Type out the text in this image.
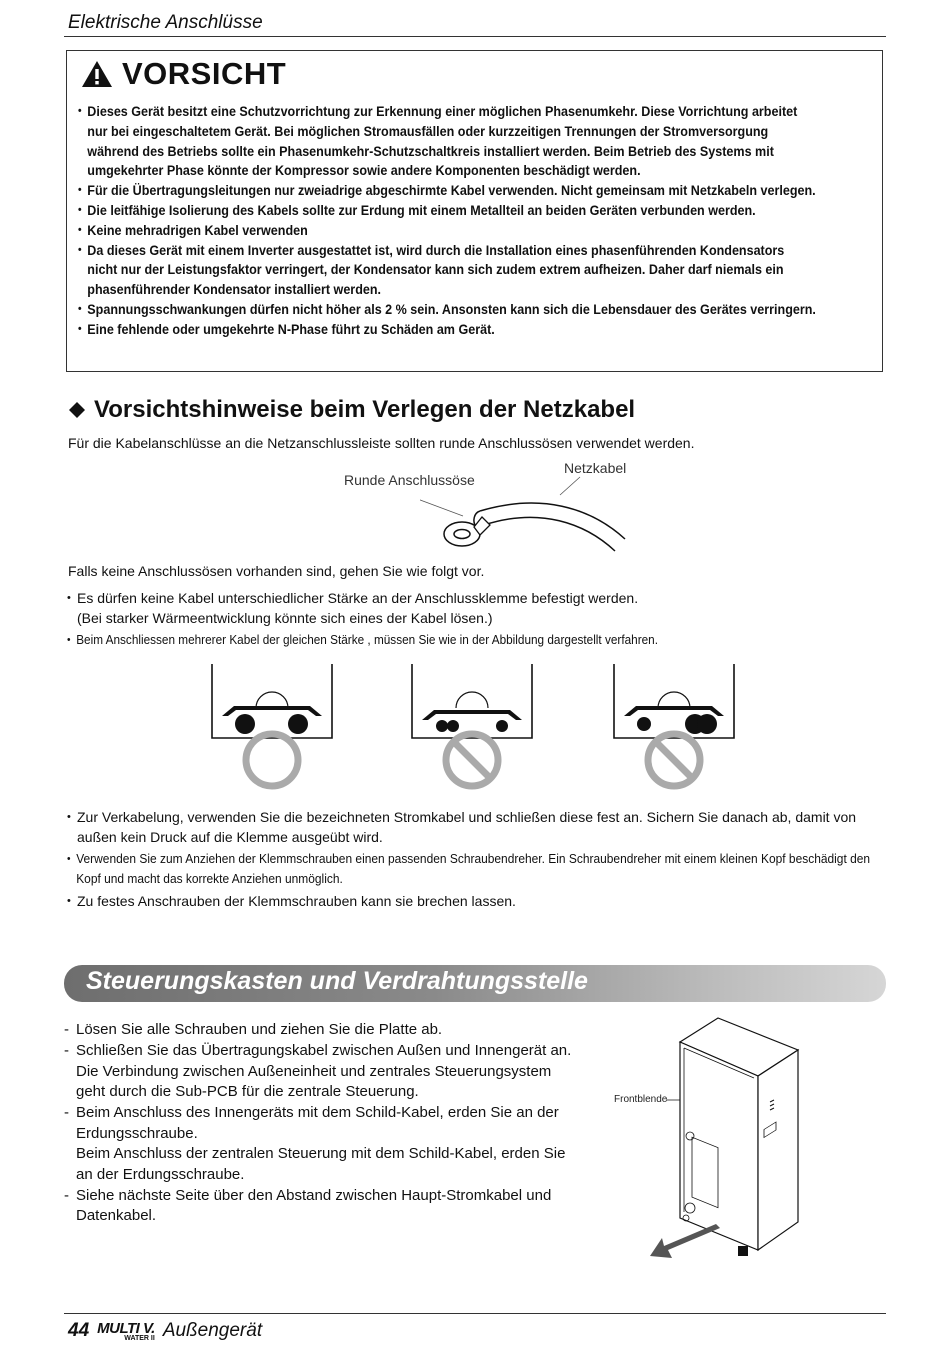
Elektrische Anschlüsse
VORSICHT
• Dieses Gerät besitzt eine Schutzvorrichtung zur Erkennung einer möglichen Phasenumkehr. Diese Vorrichtung arbeitet nur bei eingeschaltetem Gerät. Bei möglichen Stromausfällen oder kurzzeitigen Trennungen der Stromversorgung während des Betriebs sollte ein Phasenumkehr-Schutzschaltkreis installiert werden. Beim Betrieb des Systems mit umgekehrter Phase könnte der Kompressor sowie andere Komponenten beschädigt werden.
• Für die Übertragungsleitungen nur zweiadrige abgeschirmte Kabel verwenden. Nicht gemeinsam mit Netzkabeln verlegen.
• Die leitfähige Isolierung des Kabels sollte zur Erdung mit einem Metallteil an beiden Geräten verbunden werden.
• Keine mehradrigen Kabel verwenden
• Da dieses Gerät mit einem Inverter ausgestattet ist, wird durch die Installation eines phasenführenden Kondensators nicht nur der Leistungsfaktor verringert, der Kondensator kann sich zudem extrem aufheizen. Daher darf niemals ein phasenführender Kondensator installiert werden.
• Spannungsschwankungen dürfen nicht höher als 2 % sein. Ansonsten kann sich die Lebensdauer des Gerätes verringern.
• Eine fehlende oder umgekehrte N-Phase führt zu Schäden am Gerät.
Vorsichtshinweise beim Verlegen der Netzkabel
Für die Kabelanschlüsse an die Netzanschlussleiste sollten runde Anschlussösen verwendet werden.
Runde Anschlussöse
Netzkabel
Falls keine Anschlussösen vorhanden sind, gehen Sie wie folgt vor.
• Es dürfen keine Kabel unterschiedlicher Stärke an der Anschlussklemme befestigt werden.
(Bei starker Wärmeentwicklung könnte sich eines der Kabel lösen.)
• Beim Anschliessen mehrerer Kabel der gleichen Stärke , müssen Sie wie in der Abbildung dargestellt verfahren.
• Zur Verkabelung, verwenden Sie die bezeichneten Stromkabel und schließen diese fest an. Sichern Sie danach ab, damit von außen kein Druck auf die Klemme ausgeübt wird.
• Verwenden Sie zum Anziehen der Klemmschrauben einen passenden Schraubendreher. Ein Schraubendreher mit einem kleinen Kopf beschädigt den Kopf und macht das korrekte Anziehen unmöglich.
• Zu festes Anschrauben der Klemmschrauben kann sie brechen lassen.
Steuerungskasten und Verdrahtungsstelle
- Lösen Sie alle Schrauben und ziehen Sie die Platte ab.
- Schließen Sie das Übertragungskabel zwischen Außen und Innengerät an. Die Verbindung zwischen Außeneinheit und zentrales Steuerungsystem geht durch die Sub-PCB für die zentrale Steuerung.
- Beim Anschluss des Innengeräts mit dem Schild-Kabel, erden Sie an der Erdungsschraube.
Beim Anschluss der zentralen Steuerung mit dem Schild-Kabel, erden Sie an der Erdungsschraube.
- Siehe nächste Seite über den Abstand zwischen Haupt-Stromkabel und Datenkabel.
Frontblende
44 MULTI V.
WATER II Außengerät
